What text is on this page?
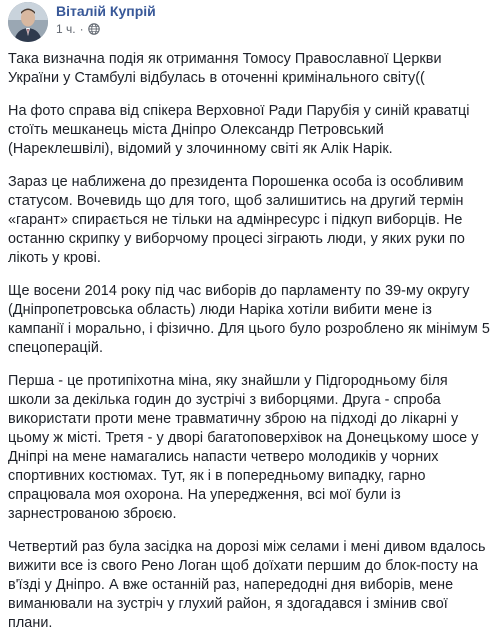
Віталій Купрій
1 ч. ·

Така визначна подія як отримання Томосу Православної Церкви України у Стамбулі відбулась в оточенні кримінального світу((

На фото справа від спікера Верховної Ради Парубія у синій краватці стоїть мешканець міста Дніпро Олександр Петровський (Нареклешвілі), відомий у злочинному світі як Алік Нарік.

Зараз це наближена до президента Порошенка особа із особливим статусом. Вочевидь що для того, щоб залишитись на другий термін «гарант» спирається не тільки на адмінресурс і підкуп виборців. Не останню скрипку у виборчому процесі зіграють люди, у яких руки по лікоть у крові.

Ще восени 2014 року під час виборів до парламенту по 39-му округу (Дніпропетровська область) люди Наріка хотіли вибити мене із кампанії і морально, і фізично. Для цього було розроблено як мінімум 5 спецоперацій.

Перша - це протипіхотна міна, яку знайшли у Підгородньому біля школи за декілька годин до зустрічі з виборцями. Друга - спроба використати проти мене травматичну зброю на підході до лікарні у цьому ж місті. Третя - у дворі багатоповерхівок на Донецькому шосе у Дніпрі на мене намагались напасти четверо молодиків у чорних спортивних костюмах. Тут, як і в попередньому випадку, гарно спрацювала моя охорона. На упередження, всі мої були із зарнестрованою зброєю.

Четвертий раз була засідка на дорозі між селами і мені дивом вдалось вижити все із свого Рено Логан щоб доїхати першим до блок-посту на в'їзді у Дніпро. А вже останній раз, напередодні дня виборів, мене виманювали на зустріч у глухий район, я здогадався і змінив свої плани.
